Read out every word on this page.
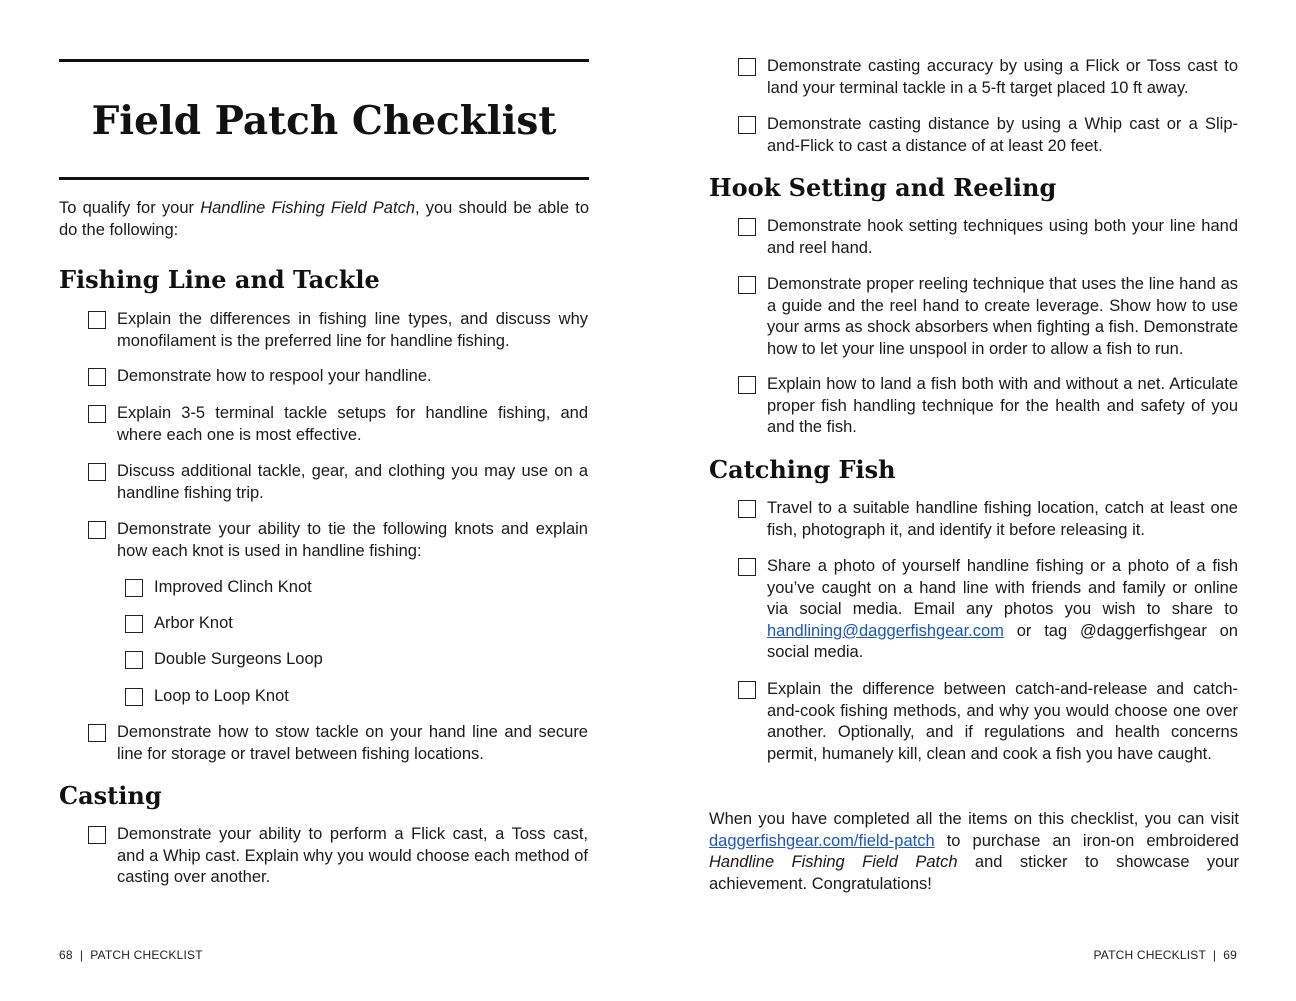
Field Patch Checklist

To qualify for your Handline Fishing Field Patch, you should be able to do the following:

Fishing Line and Tackle
Explain the differences in fishing line types, and discuss why monofilament is the preferred line for handline fishing.
Demonstrate how to respool your handline.
Explain 3-5 terminal tackle setups for handline fishing, and where each one is most effective.
Discuss additional tackle, gear, and clothing you may use on a handline fishing trip.
Demonstrate your ability to tie the following knots and explain how each knot is used in handline fishing:
Improved Clinch Knot
Arbor Knot
Double Surgeons Loop
Loop to Loop Knot
Demonstrate how to stow tackle on your hand line and secure line for storage or travel between fishing locations.
Casting
Demonstrate your ability to perform a Flick cast, a Toss cast, and a Whip cast. Explain why you would choose each method of casting over another.
68  |  PATCH CHECKLIST
Demonstrate casting accuracy by using a Flick or Toss cast to land your terminal tackle in a 5-ft target placed 10 ft away.
Demonstrate casting distance by using a Whip cast or a Slip-and-Flick to cast a distance of at least 20 feet.
Hook Setting and Reeling
Demonstrate hook setting techniques using both your line hand and reel hand.
Demonstrate proper reeling technique that uses the line hand as a guide and the reel hand to create leverage. Show how to use your arms as shock absorbers when fighting a fish. Demonstrate how to let your line unspool in order to allow a fish to run.
Explain how to land a fish both with and without a net. Articulate proper fish handling technique for the health and safety of you and the fish.
Catching Fish
Travel to a suitable handline fishing location, catch at least one fish, photograph it, and identify it before releasing it.
Share a photo of yourself handline fishing or a photo of a fish you’ve caught on a hand line with friends and family or online via social media. Email any photos you wish to share to handlining@daggerfishgear.com or tag @daggerfishgear on social media.
Explain the difference between catch-and-release and catch-and-cook fishing methods, and why you would choose one over another. Optionally, and if regulations and health concerns permit, humanely kill, clean and cook a fish you have caught.

When you have completed all the items on this checklist, you can visit daggerfishgear.com/field-patch to purchase an iron-on embroidered Handline Fishing Field Patch and sticker to showcase your achievement. Congratulations!

PATCH CHECKLIST  |  69
